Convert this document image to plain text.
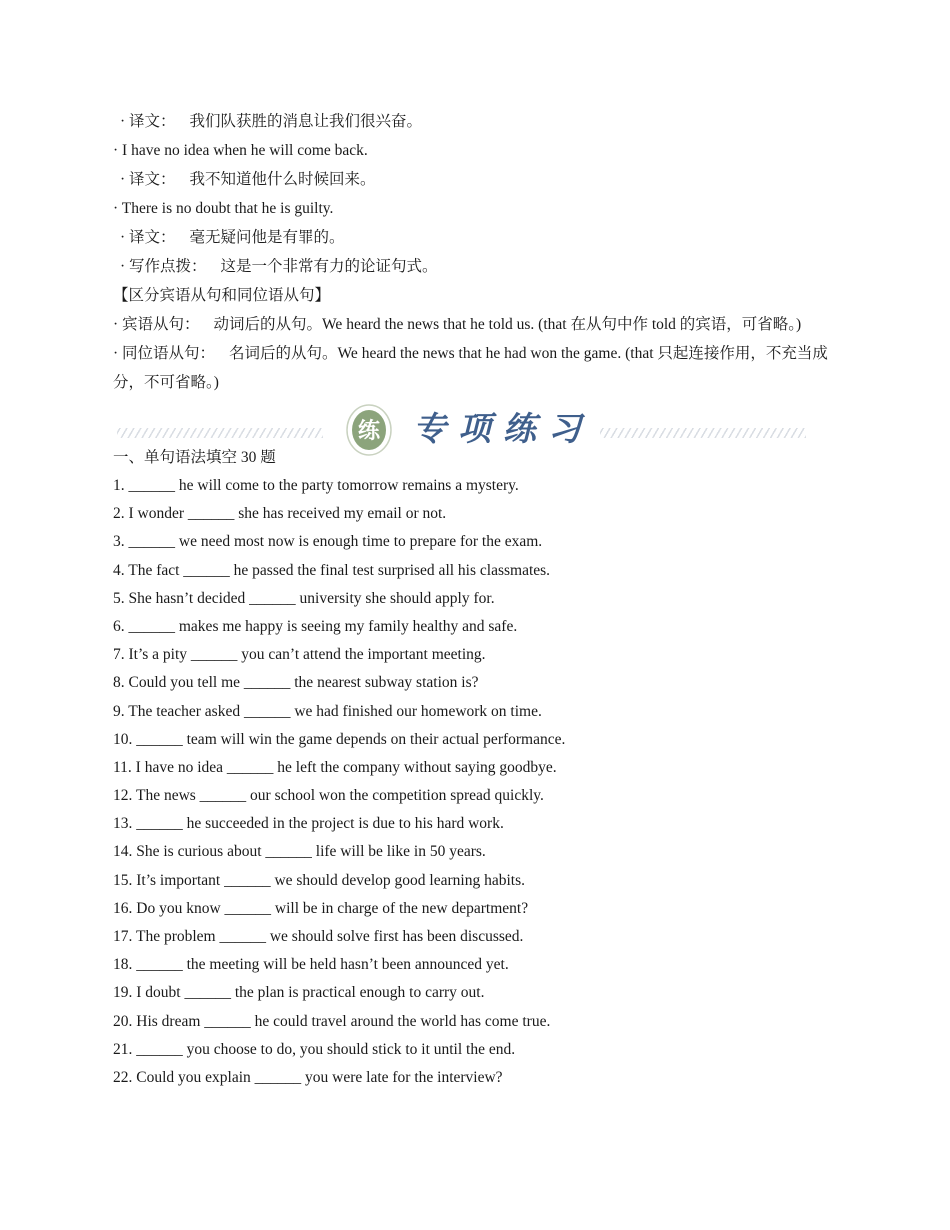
· 译文： 我们队获胜的消息让我们很兴奋。
· I have no idea when he will come back.
· 译文： 我不知道他什么时候回来。
· There is no doubt that he is guilty.
· 译文： 毫无疑问他是有罪的。
· 写作点拨： 这是一个非常有力的论证句式。
【区分宾语从句和同位语从句】
· 宾语从句： 动词后的从句。We heard the news that he told us. (that 在从句中作 told 的宾语，可省略。)
· 同位语从句： 名词后的从句。We heard the news that he had won the game. (that 只起连接作用，不充当成分，不可省略。)
练 专项练习
一、单句语法填空 30 题
1. ______ he will come to the party tomorrow remains a mystery.
2. I wonder ______ she has received my email or not.
3. ______ we need most now is enough time to prepare for the exam.
4. The fact ______ he passed the final test surprised all his classmates.
5. She hasn’t decided ______ university she should apply for.
6. ______ makes me happy is seeing my family healthy and safe.
7. It’s a pity ______ you can’t attend the important meeting.
8. Could you tell me ______ the nearest subway station is?
9. The teacher asked ______ we had finished our homework on time.
10. ______ team will win the game depends on their actual performance.
11. I have no idea ______ he left the company without saying goodbye.
12. The news ______ our school won the competition spread quickly.
13. ______ he succeeded in the project is due to his hard work.
14. She is curious about ______ life will be like in 50 years.
15. It’s important ______ we should develop good learning habits.
16. Do you know ______ will be in charge of the new department?
17. The problem ______ we should solve first has been discussed.
18. ______ the meeting will be held hasn’t been announced yet.
19. I doubt ______ the plan is practical enough to carry out.
20. His dream ______ he could travel around the world has come true.
21. ______ you choose to do, you should stick to it until the end.
22. Could you explain ______ you were late for the interview?
